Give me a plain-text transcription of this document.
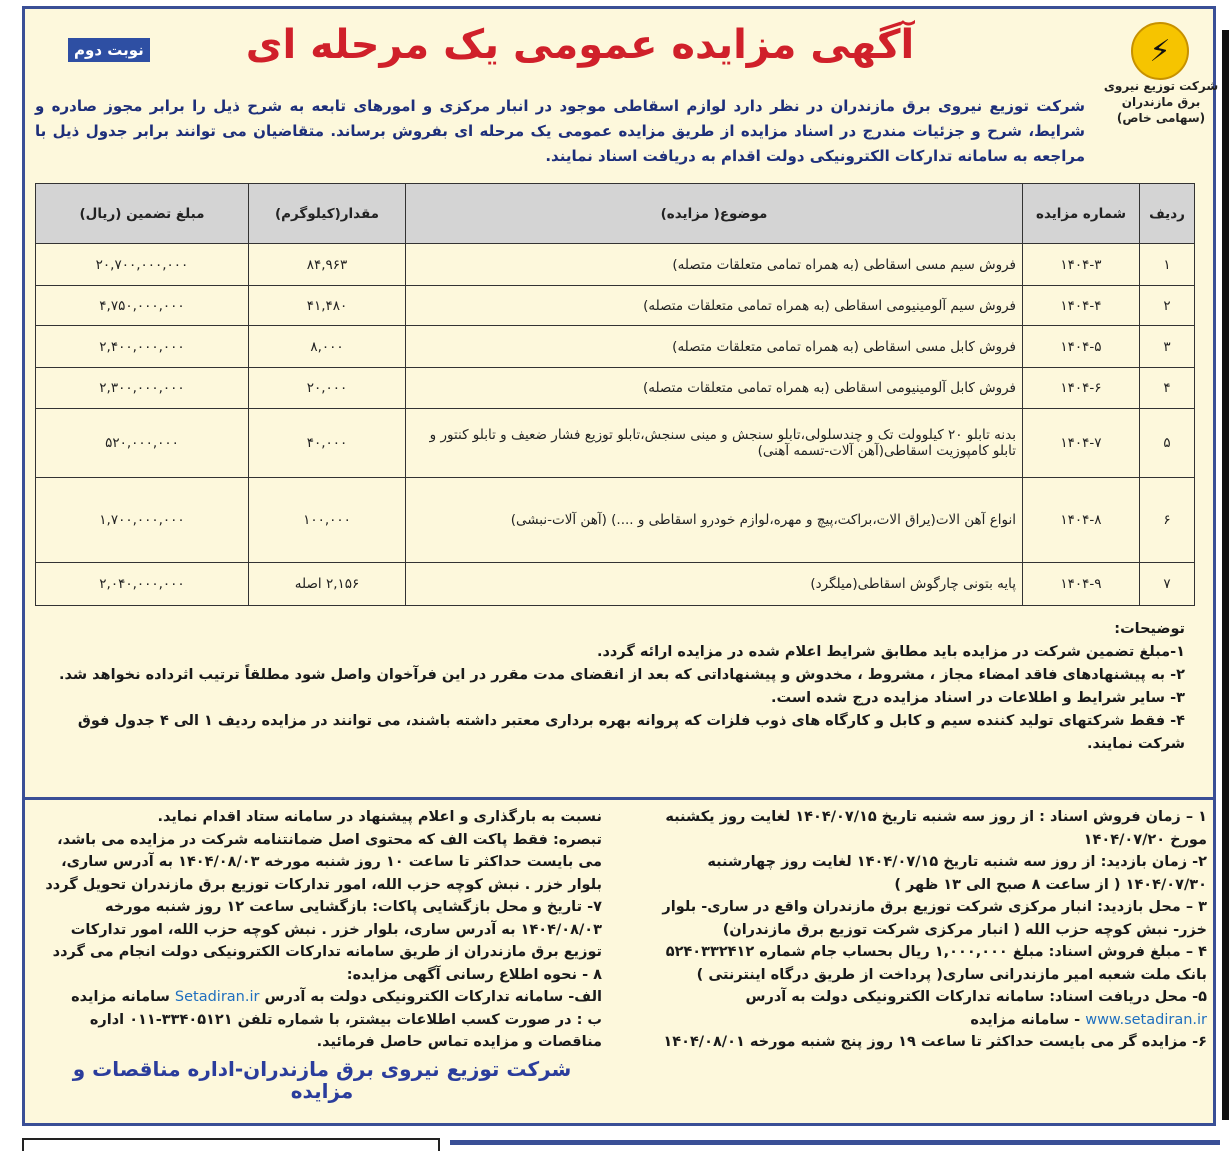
⚡
شرکت توزیع نیروی برق مازندران (سهامی خاص)
آگهی مزایده عمومی یک مرحله ای
نوبت دوم
شرکت توزیع نیروی برق مازندران در نظر دارد لوازم اسقاطی موجود در انبار مرکزی و امورهای تابعه به شرح ذیل را برابر مجوز صادره و شرایط، شرح و جزئیات مندرج در اسناد مزایده از طریق مزایده عمومی یک مرحله ای بفروش برساند. متقاضیان می توانند برابر جدول ذیل با مراجعه به سامانه تدارکات الکترونیکی دولت اقدام به دریافت اسناد نمایند.
ردیف	شماره مزایده	موضوع( مزایده)	مقدار(کیلوگرم)	مبلغ تضمین (ریال)
۱	۱۴۰۴-۳	فروش سیم مسی اسقاطی (به همراه تمامی متعلقات متصله)	۸۴,۹۶۳	۲۰,۷۰۰,۰۰۰,۰۰۰
۲	۱۴۰۴-۴	فروش سیم آلومینیومی اسقاطی (به همراه تمامی متعلقات متصله)	۴۱,۴۸۰	۴,۷۵۰,۰۰۰,۰۰۰
۳	۱۴۰۴-۵	فروش کابل مسی اسقاطی (به همراه تمامی متعلقات متصله)	۸,۰۰۰	۲,۴۰۰,۰۰۰,۰۰۰
۴	۱۴۰۴-۶	فروش کابل آلومینیومی اسقاطی (به همراه تمامی متعلقات متصله)	۲۰,۰۰۰	۲,۳۰۰,۰۰۰,۰۰۰
۵	۱۴۰۴-۷	بدنه تابلو ۲۰ کیلوولت تک و چندسلولی،تابلو سنجش و مینی سنجش،تابلو توزیع فشار ضعیف و تابلو کنتور و تابلو کامپوزیت اسقاطی(آهن آلات-تسمه آهنی)	۴۰,۰۰۰	۵۲۰,۰۰۰,۰۰۰
۶	۱۴۰۴-۸	انواع آهن الات(یراق الات،براکت،پیچ و مهره،لوازم خودرو اسقاطی و ....) (آهن آلات-نبشی)	۱۰۰,۰۰۰	۱,۷۰۰,۰۰۰,۰۰۰
۷	۱۴۰۴-۹	پایه بتونی چارگوش اسقاطی(میلگرد)	۲,۱۵۶ اصله	۲,۰۴۰,۰۰۰,۰۰۰
توضیحات:
۱-مبلغ تضمین شرکت در مزایده باید مطابق شرایط اعلام شده در مزایده ارائه گردد.
۲- به پیشنهادهای فاقد امضاء مجاز ، مشروط ، مخدوش و پیشنهاداتی که بعد از انقضای مدت مقرر در این فرآخوان واصل شود مطلقاً ترتیب اثرداده نخواهد شد.
۳- سایر شرایط و اطلاعات در اسناد مزایده درج شده است.
۴- فقط شرکتهای تولید کننده سیم و کابل و کارگاه های ذوب فلزات که پروانه بهره برداری معتبر داشته باشند، می توانند در مزایده ردیف ۱ الی ۴ جدول فوق شرکت نمایند.
۱ – زمان فروش اسناد : از روز سه شنبه تاریخ ۱۴۰۴/۰۷/۱۵ لغایت روز یکشنبه مورخ ۱۴۰۴/۰۷/۲۰
۲- زمان بازدید: از روز سه شنبه تاریخ ۱۴۰۴/۰۷/۱۵ لغایت روز چهارشنبه ۱۴۰۴/۰۷/۳۰ ( از ساعت ۸ صبح الی ۱۳ ظهر )
۳ – محل بازدید: انبار مرکزی شرکت توزیع برق مازندران واقع در ساری- بلوار خزر- نبش کوچه حزب الله ( انبار مرکزی شرکت توزیع برق مازندران)
۴ – مبلغ فروش اسناد: مبلغ ۱,۰۰۰,۰۰۰ ریال بحساب جام شماره ۵۲۴۰۳۳۲۴۱۲ بانک ملت شعبه امیر مازندرانی ساری( پرداخت از طریق درگاه اینترنتی )
۵- محل دریافت اسناد: سامانه تدارکات الکترونیکی دولت به آدرس
www.setadiran.ir - سامانه مزایده
۶- مزایده گر می بایست حداکثر تا ساعت ۱۹ روز پنج شنبه مورخه ۱۴۰۴/۰۸/۰۱
نسبت به بارگذاری و اعلام پیشنهاد در سامانه ستاد اقدام نماید.
تبصره: فقط پاکت الف که محتوی اصل ضمانتنامه شرکت در مزایده می باشد، می بایست حداکثر تا ساعت ۱۰ روز شنبه مورخه ۱۴۰۴/۰۸/۰۳ به آدرس ساری، بلوار خزر . نبش کوچه حزب الله، امور تدارکات توزیع برق مازندران تحویل گردد
۷- تاریخ و محل بازگشایی پاکات: بازگشایی ساعت ۱۲ روز شنبه مورخه ۱۴۰۴/۰۸/۰۳ به آدرس ساری، بلوار خزر . نبش کوچه حزب الله، امور تدارکات توزیع برق مازندران از طریق سامانه تدارکات الکترونیکی دولت انجام می گردد
۸ - نحوه اطلاع رسانی آگهی مزایده:
الف- سامانه تدارکات الکترونیکی دولت به آدرس Setadiran.ir سامانه مزایده
ب : در صورت کسب اطلاعات بیشتر، با شماره تلفن ۳۳۴۰۵۱۲۱-۰۱۱ اداره مناقصات و مزایده تماس حاصل فرمائید.
شرکت توزیع نیروی برق مازندران-اداره مناقصات و مزایده
